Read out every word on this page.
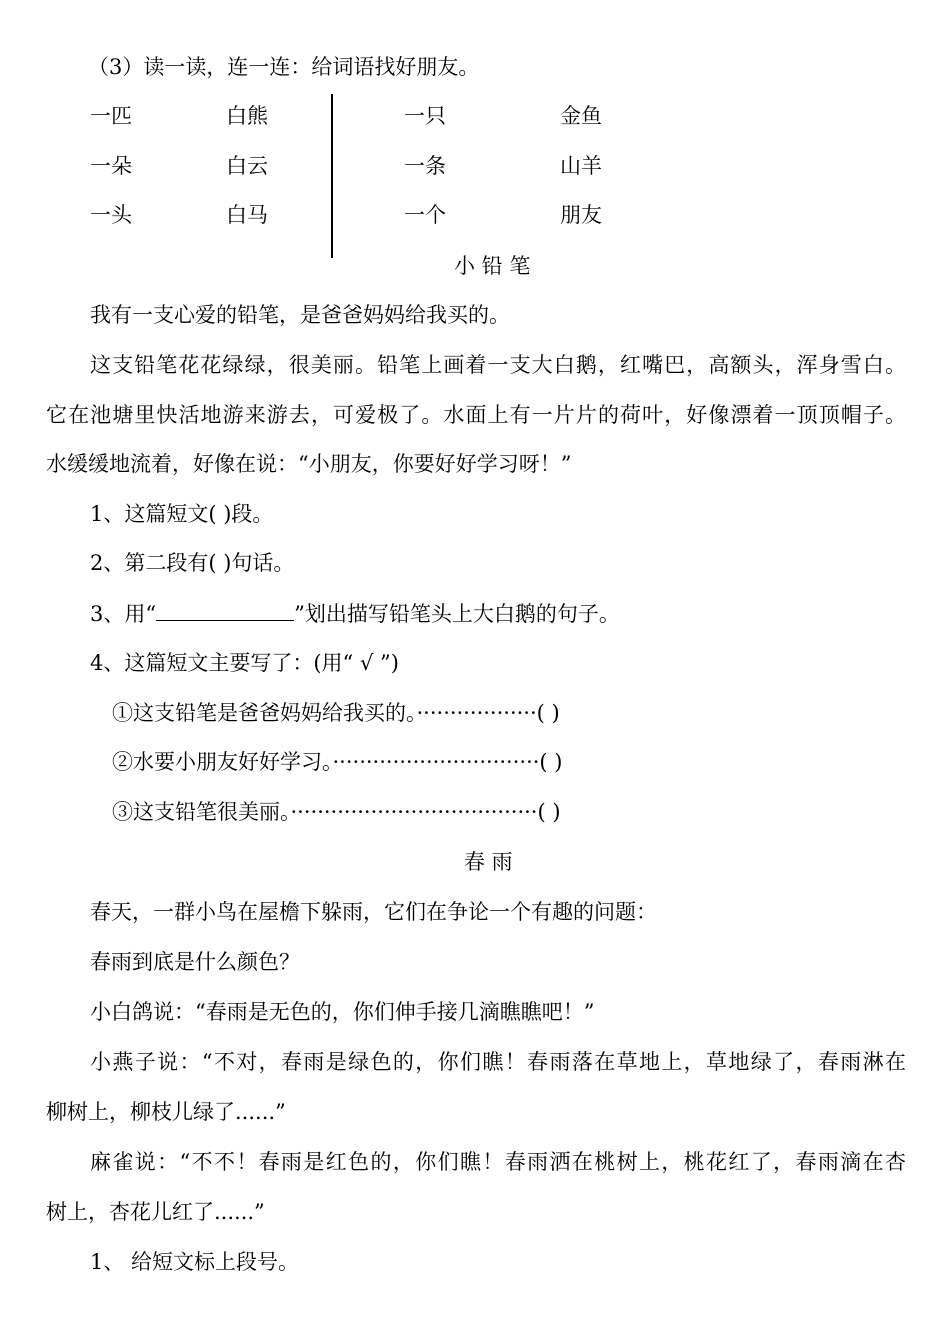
（3）读一读，连一连：给词语找好朋友。
一匹
一朵
一头
白熊
白云
白马
一只
一条
一个
金鱼
山羊
朋友
小 铅 笔
我有一支心爱的铅笔，是爸爸妈妈给我买的。
这支铅笔花花绿绿，很美丽。铅笔上画着一支大白鹅，红嘴巴，高额头，浑身雪白。
它在池塘里快活地游来游去，可爱极了。水面上有一片片的荷叶，好像漂着一顶顶帽子。
水缓缓地流着，好像在说：“小朋友，你要好好学习呀！”
1、这篇短文( )段。
2、第二段有( )句话。
3、用“	”划出描写铅笔头上大白鹅的句子。
4、这篇短文主要写了：(用“ √ ”)
①这支铅笔是爸爸妈妈给我买的。··················( )
②水要小朋友好好学习。·······························( )
③这支铅笔很美丽。·····································( )
春 雨
春天，一群小鸟在屋檐下躲雨，它们在争论一个有趣的问题：
春雨到底是什么颜色？
小白鸽说：“春雨是无色的，你们伸手接几滴瞧瞧吧！”
小燕子说：“不对，春雨是绿色的，你们瞧！春雨落在草地上，草地绿了，春雨淋在
柳树上，柳枝儿绿了......”
麻雀说：“不不！春雨是红色的，你们瞧！春雨洒在桃树上，桃花红了，春雨滴在杏
树上，杏花儿红了......”
1、 给短文标上段号。
